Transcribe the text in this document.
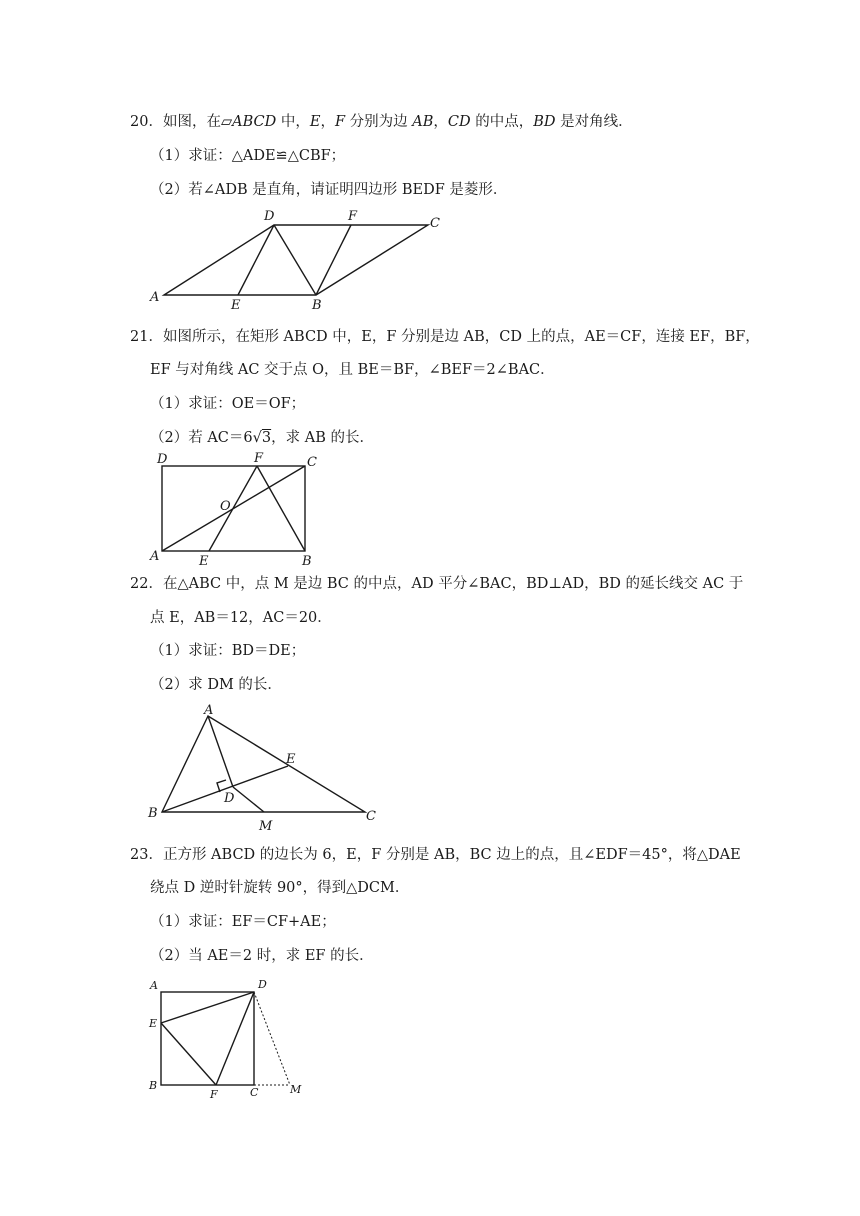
20．如图，在▱ABCD 中，E，F 分别为边 AB，CD 的中点，BD 是对角线．
（1）求证：△ADE≌△CBF；
（2）若∠ADB 是直角，请证明四边形 BEDF 是菱形．
A
E	B
D	F	C
21．如图所示，在矩形 ABCD 中，E，F 分别是边 AB，CD 上的点，AE＝CF，连接 EF，BF，
EF 与对角线 AC 交于点 O，且 BE＝BF，∠BEF＝2∠BAC．
（1）求证：OE＝OF；
（2）若 AC＝6√3，求 AB 的长．
D	F	C
O
A	E	B
22．在△ABC 中，点 M 是边 BC 的中点，AD 平分∠BAC，BD⊥AD，BD 的延长线交 AC 于
点 E，AB＝12，AC＝20．
（1）求证：BD＝DE；
（2）求 DM 的长．
A
E
D
B
M
C
23．正方形 ABCD 的边长为 6，E，F 分别是 AB，BC 边上的点，且∠EDF＝45°，将△DAE
绕点 D 逆时针旋转 90°，得到△DCM．
（1）求证：EF＝CF+AE；
（2）当 AE＝2 时，求 EF 的长．
A	D
E
B
F	C	M
